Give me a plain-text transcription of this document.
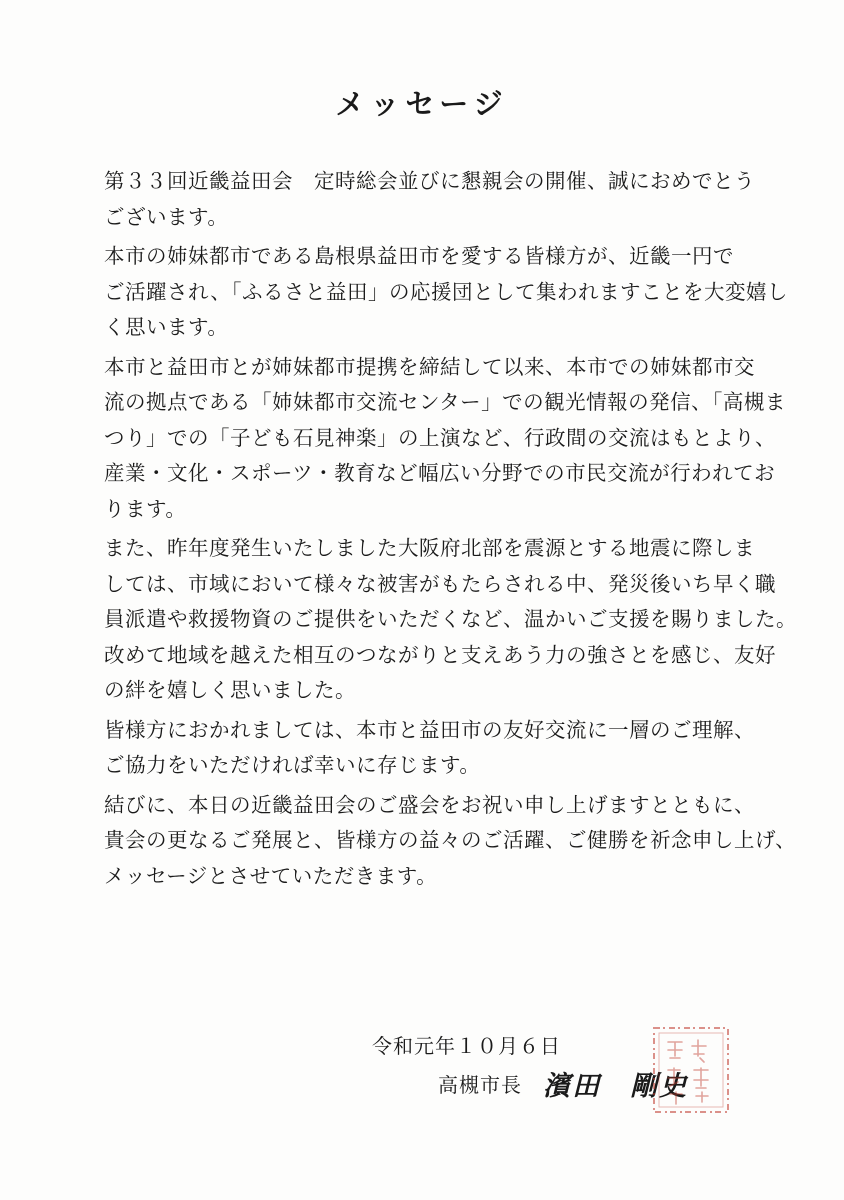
メッセージ
第３３回近畿益田会　定時総会並びに懇親会の開催、誠におめでとう
ございます。
本市の姉妹都市である島根県益田市を愛する皆様方が、近畿一円で
ご活躍され、「ふるさと益田」の応援団として集われますことを大変嬉し
く思います。
本市と益田市とが姉妹都市提携を締結して以来、本市での姉妹都市交
流の拠点である「姉妹都市交流センター」での観光情報の発信、「高槻ま
つり」での「子ども石見神楽」の上演など、行政間の交流はもとより、
産業・文化・スポーツ・教育など幅広い分野での市民交流が行われてお
ります。
また、昨年度発生いたしました大阪府北部を震源とする地震に際しま
しては、市域において様々な被害がもたらされる中、発災後いち早く職
員派遣や救援物資のご提供をいただくなど、温かいご支援を賜りました。
改めて地域を越えた相互のつながりと支えあう力の強さとを感じ、友好
の絆を嬉しく思いました。
皆様方におかれましては、本市と益田市の友好交流に一層のご理解、
ご協力をいただければ幸いに存じます。
結びに、本日の近畿益田会のご盛会をお祝い申し上げますとともに、
貴会の更なるご発展と、皆様方の益々のご活躍、ご健勝を祈念申し上げ、
メッセージとさせていただきます。
令和元年１０月６日
高槻市長 濱田　剛史
